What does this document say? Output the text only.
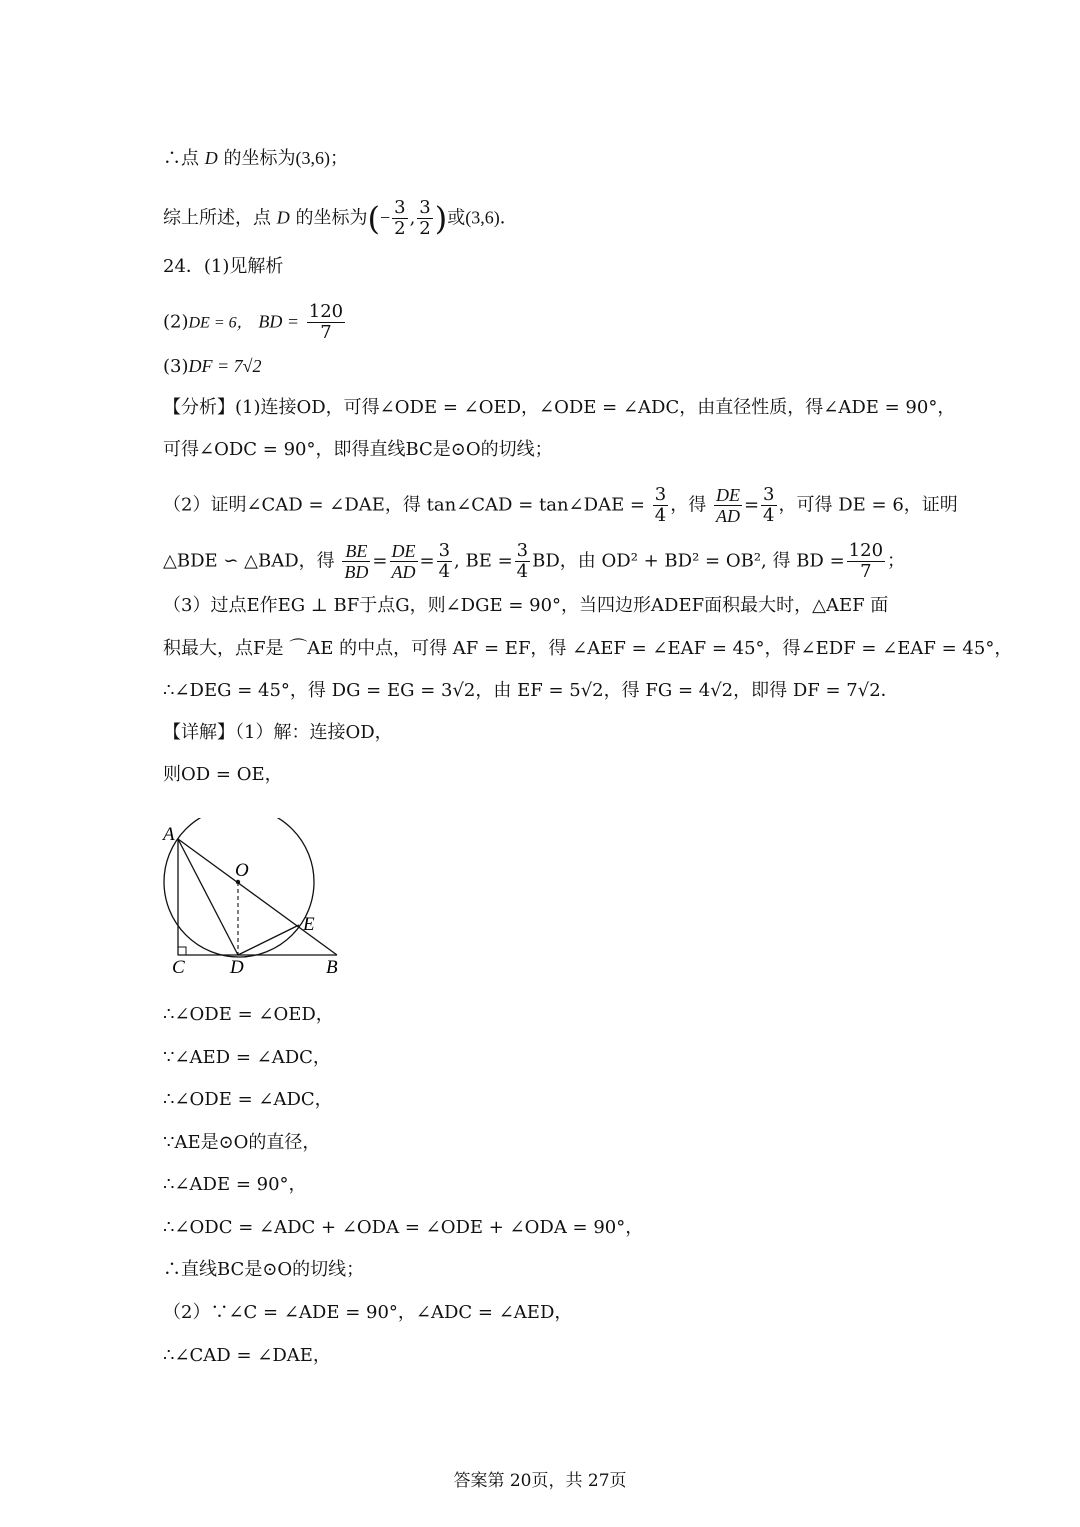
∴点 D 的坐标为(3,6)；
综上所述，点 D 的坐标为(− $\frac{3}{2}$ , $\frac{3}{2}$ )或(3,6)．
24．(1)见解析
(2)DE = 6， BD = $\frac{120}{7}$
(3)DF = 7√2
【分析】(1)连接OD，可得∠ODE = ∠OED，∠ODE = ∠ADC，由直径性质，得∠ADE = 90°，
可得∠ODC = 90°，即得直线BC是⊙O的切线；
（2）证明∠CAD = ∠DAE，得 tan∠CAD = tan∠DAE = $\frac{3}{4}$ ，得 $\frac{DE}{AD} = \frac{3}{4}$ ，可得 DE = 6，证明
△BDE ∽ △BAD，得 $\frac{BE}{BD} = \frac{DE}{AD} = \frac{3}{4}$ , BE = $\frac{3}{4}$ BD，由 OD² + BD² = OB², 得 BD = $\frac{120}{7}$ ；
（3）过点E作EG ⊥ BF于点G，则∠DGE = 90°，当四边形ADEF面积最大时，△AEF 面
积最大，点F是 ⌒AE 的中点，可得 AF = EF，得 ∠AEF = ∠EAF = 45°，得∠EDF = ∠EAF = 45°，
∴∠DEG = 45°，得 DG = EG = 3√2，由 EF = 5√2，得 FG = 4√2，即得 DF = 7√2．
【详解】（1）解：连接OD，
则OD = OE，
A
O
E
C D	B
∴∠ODE = ∠OED，
∵∠AED = ∠ADC，
∴∠ODE = ∠ADC，
∵AE是⊙O的直径，
∴∠ADE = 90°，
∴∠ODC = ∠ADC + ∠ODA = ∠ODE + ∠ODA = 90°，
∴直线BC是⊙O的切线；
（2）∵∠C = ∠ADE = 90°，∠ADC = ∠AED，
∴∠CAD = ∠DAE，
答案第 20页，共 27页
